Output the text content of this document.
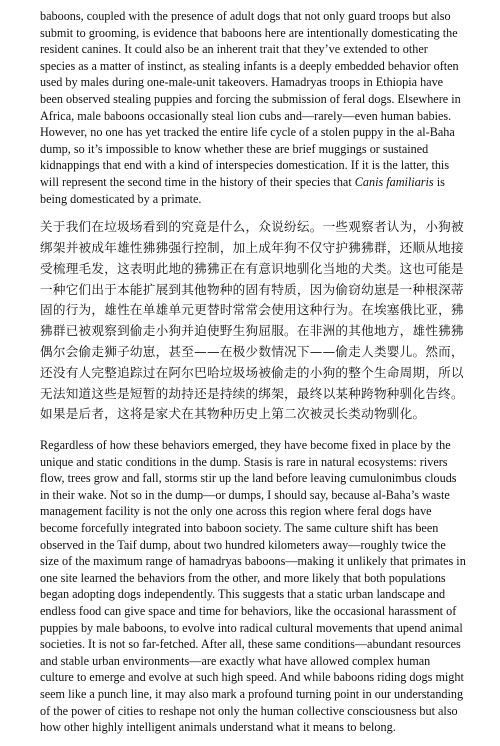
baboons, coupled with the presence of adult dogs that not only guard troops but also submit to grooming, is evidence that baboons here are intentionally domesticating the resident canines. It could also be an inherent trait that they’ve extended to other species as a matter of instinct, as stealing infants is a deeply embedded behavior often used by males during one-male-unit takeovers. Hamadryas troops in Ethiopia have been observed stealing puppies and forcing the submission of feral dogs. Elsewhere in Africa, male baboons occasionally steal lion cubs and—rarely—even human babies. However, no one has yet tracked the entire life cycle of a stolen puppy in the al-Baha dump, so it’s impossible to know whether these are brief muggings or sustained kidnappings that end with a kind of interspecies domestication. If it is the latter, this will represent the second time in the history of their species that Canis familiaris is being domesticated by a primate.

关于我们在垃圾场看到的究竟是什么，众说纷纭。一些观察者认为，小狗被绑架并被成年雄性狒狒强行控制，加上成年狗不仅守护狒狒群，还顺从地接受梳理毛发，这表明此地的狒狒正在有意识地驯化当地的犬类。这也可能是一种它们出于本能扩展到其他物种的固有特质，因为偷窃幼崽是一种根深蒂固的行为，雄性在单雄单元更替时常常会使用这种行为。在埃塞俄比亚，狒狒群已被观察到偷走小狗并迫使野生狗屈服。在非洲的其他地方，雄性狒狒偶尔会偷走狮子幼崽，甚至——在极少数情况下——偷走人类婴儿。然而，还没有人完整追踪过在阿尔巴哈垃圾场被偷走的小狗的整个生命周期，所以无法知道这些是短暂的劫持还是持续的绑架，最终以某种跨物种驯化告终。如果是后者，这将是家犬在其物种历史上第二次被灵长类动物驯化。

Regardless of how these behaviors emerged, they have become fixed in place by the unique and static conditions in the dump. Stasis is rare in natural ecosystems: rivers flow, trees grow and fall, storms stir up the land before leaving cumulonimbus clouds in their wake. Not so in the dump—or dumps, I should say, because al-Baha’s waste management facility is not the only one across this region where feral dogs have become forcefully integrated into baboon society. The same culture shift has been observed in the Taif dump, about two hundred kilometers away—roughly twice the size of the maximum range of hamadryas baboons—making it unlikely that primates in one site learned the behaviors from the other, and more likely that both populations began adopting dogs independently. This suggests that a static urban landscape and endless food can give space and time for behaviors, like the occasional harassment of puppies by male baboons, to evolve into radical cultural movements that upend animal societies. It is not so far-fetched. After all, these same conditions—abundant resources and stable urban environments—are exactly what have allowed complex human culture to emerge and evolve at such high speed. And while baboons riding dogs might seem like a punch line, it may also mark a profound turning point in our understanding of the power of cities to reshape not only the human collective consciousness but also how other highly intelligent animals understand what it means to belong.
